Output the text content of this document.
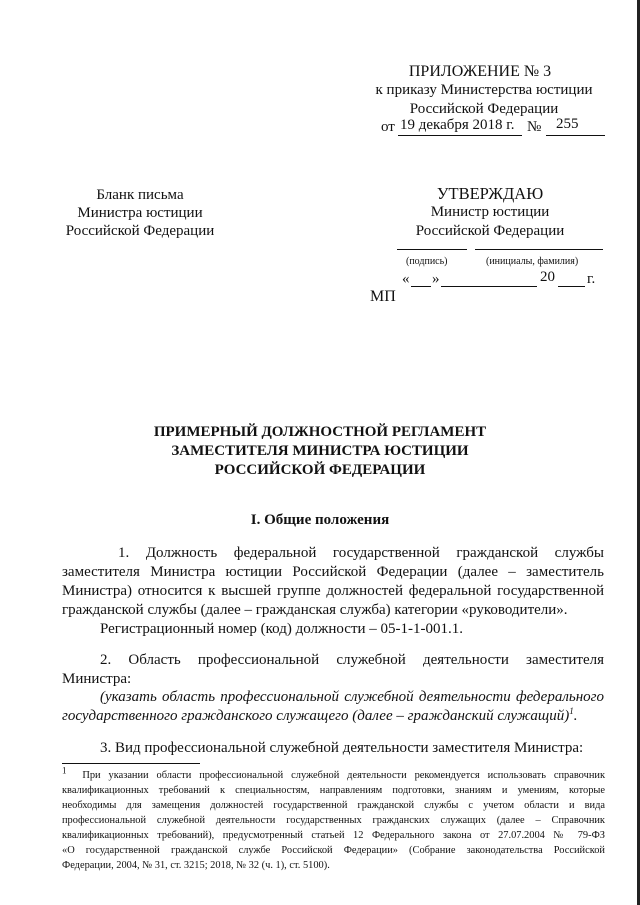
ПРИЛОЖЕНИЕ № 3
к приказу Министерства юстиции
Российской Федерации
от 19 декабря 2018 г. № 255
Бланк письма
Министра юстиции
Российской Федерации
УТВЕРЖДАЮ
Министр юстиции
Российской Федерации
(подпись)	(инициалы, фамилия)
« »	20 г.
МП
ПРИМЕРНЫЙ ДОЛЖНОСТНОЙ РЕГЛАМЕНТ
ЗАМЕСТИТЕЛЯ МИНИСТРА ЮСТИЦИИ
РОССИЙСКОЙ ФЕДЕРАЦИИ
I. Общие положения
1. Должность федеральной государственной гражданской службы
заместителя Министра юстиции Российской Федерации (далее – заместитель
Министра) относится к высшей группе должностей федеральной государственной
гражданской службы (далее – гражданская служба) категории «руководители».
Регистрационный номер (код) должности – 05-1-1-001.1.
2. Область профессиональной служебной деятельности заместителя
Министра:
(указать область профессиональной служебной деятельности федерального
государственного гражданского служащего (далее – гражданский служащий)$^1$.
3. Вид профессиональной служебной деятельности заместителя Министра:
$^1$ При указании области профессиональной служебной деятельности рекомендуется использовать справочник
квалификационных требований к специальностям, направлениям подготовки, знаниям и умениям, которые
необходимы для замещения должностей государственной гражданской службы с учетом области и вида
профессиональной служебной деятельности государственных гражданских служащих (далее – Справочник
квалификационных требований), предусмотренный статьей 12 Федерального закона от 27.07.2004 № 79-ФЗ
«О государственной гражданской службе Российской Федерации» (Собрание законодательства Российской
Федерации, 2004, № 31, ст. 3215; 2018, № 32 (ч. 1), ст. 5100).
